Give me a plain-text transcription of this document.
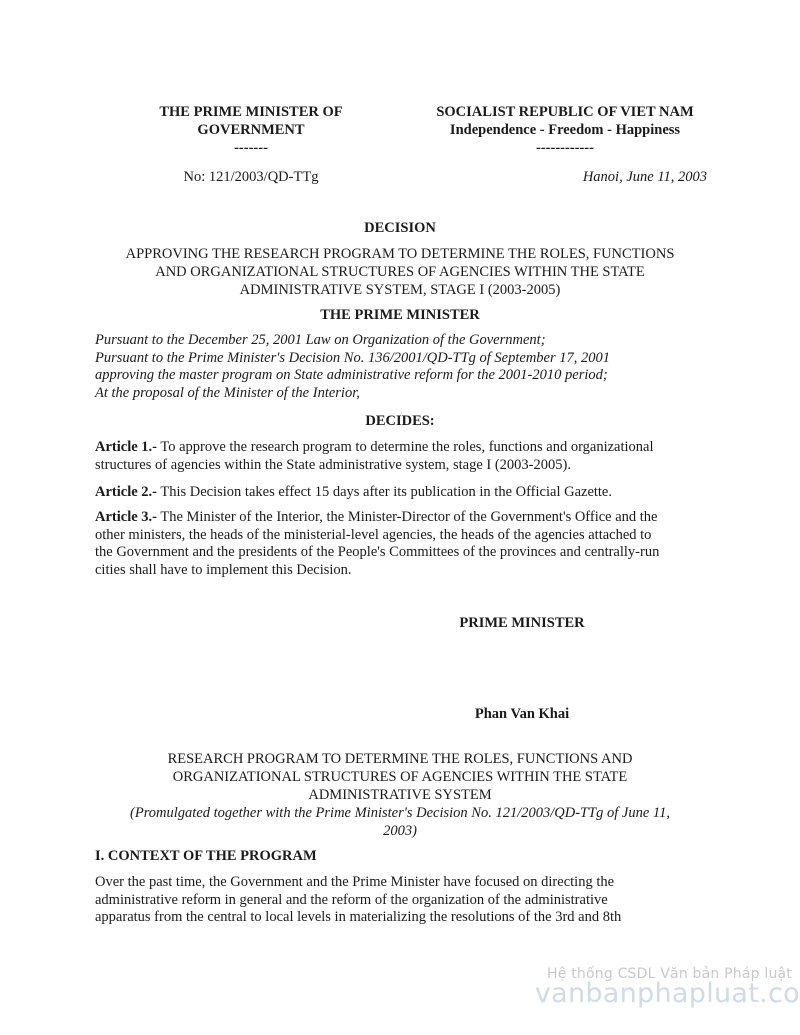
THE PRIME MINISTER OF
GOVERNMENT
-------
SOCIALIST REPUBLIC OF VIET NAM
Independence - Freedom - Happiness
------------
No: 121/2003/QD-TTg	Hanoi, June 11, 2003
DECISION
APPROVING THE RESEARCH PROGRAM TO DETERMINE THE ROLES, FUNCTIONS
AND ORGANIZATIONAL STRUCTURES OF AGENCIES WITHIN THE STATE
ADMINISTRATIVE SYSTEM, STAGE I (2003-2005)
THE PRIME MINISTER
Pursuant to the December 25, 2001 Law on Organization of the Government;
Pursuant to the Prime Minister's Decision No. 136/2001/QD-TTg of September 17, 2001
approving the master program on State administrative reform for the 2001-2010 period;
At the proposal of the Minister of the Interior,
DECIDES:
Article 1.- To approve the research program to determine the roles, functions and organizational
structures of agencies within the State administrative system, stage I (2003-2005).
Article 2.- This Decision takes effect 15 days after its publication in the Official Gazette.
Article 3.- The Minister of the Interior, the Minister-Director of the Government's Office and the
other ministers, the heads of the ministerial-level agencies, the heads of the agencies attached to
the Government and the presidents of the People's Committees of the provinces and centrally-run
cities shall have to implement this Decision.
PRIME MINISTER
Phan Van Khai
RESEARCH PROGRAM TO DETERMINE THE ROLES, FUNCTIONS AND
ORGANIZATIONAL STRUCTURES OF AGENCIES WITHIN THE STATE
ADMINISTRATIVE SYSTEM
(Promulgated together with the Prime Minister's Decision No. 121/2003/QD-TTg of June 11,
2003)
I. CONTEXT OF THE PROGRAM
Over the past time, the Government and the Prime Minister have focused on directing the
administrative reform in general and the reform of the organization of the administrative
apparatus from the central to local levels in materializing the resolutions of the 3rd and 8th
Hệ thống CSDL Văn bản Pháp luật
vanbanphapluat.co
